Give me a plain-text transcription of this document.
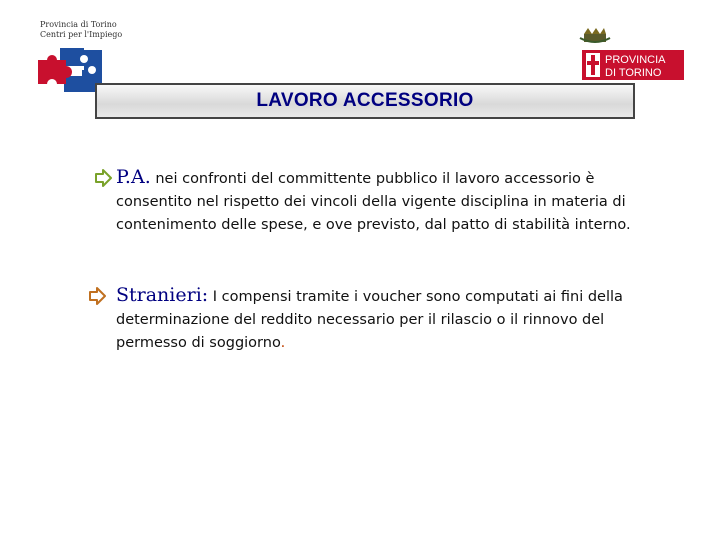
Provincia di Torino
Centri per l'Impiego
PROVINCIA
DI TORINO
LAVORO ACCESSORIO

P.A. nei confronti del committente pubblico il lavoro accessorio è consentito nel rispetto dei vincoli della vigente disciplina in materia di contenimento delle spese, e ove previsto, dal patto di stabilità interno.

Stranieri: I compensi tramite i voucher sono computati ai fini della determinazione del reddito necessario per il rilascio o il rinnovo del permesso di soggiorno.
